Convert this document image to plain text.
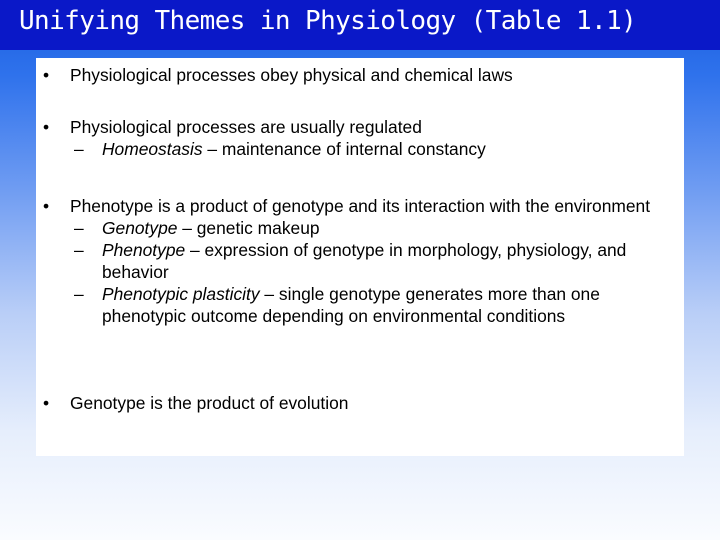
Unifying Themes in Physiology (Table 1.1)
• Physiological processes obey physical and chemical laws
• Physiological processes are usually regulated
– Homeostasis – maintenance of internal constancy
• Phenotype is a product of genotype and its interaction with the environment
– Genotype – genetic makeup
– Phenotype – expression of genotype in morphology, physiology, and behavior
– Phenotypic plasticity – single genotype generates more than one phenotypic outcome depending on environmental conditions
• Genotype is the product of evolution
